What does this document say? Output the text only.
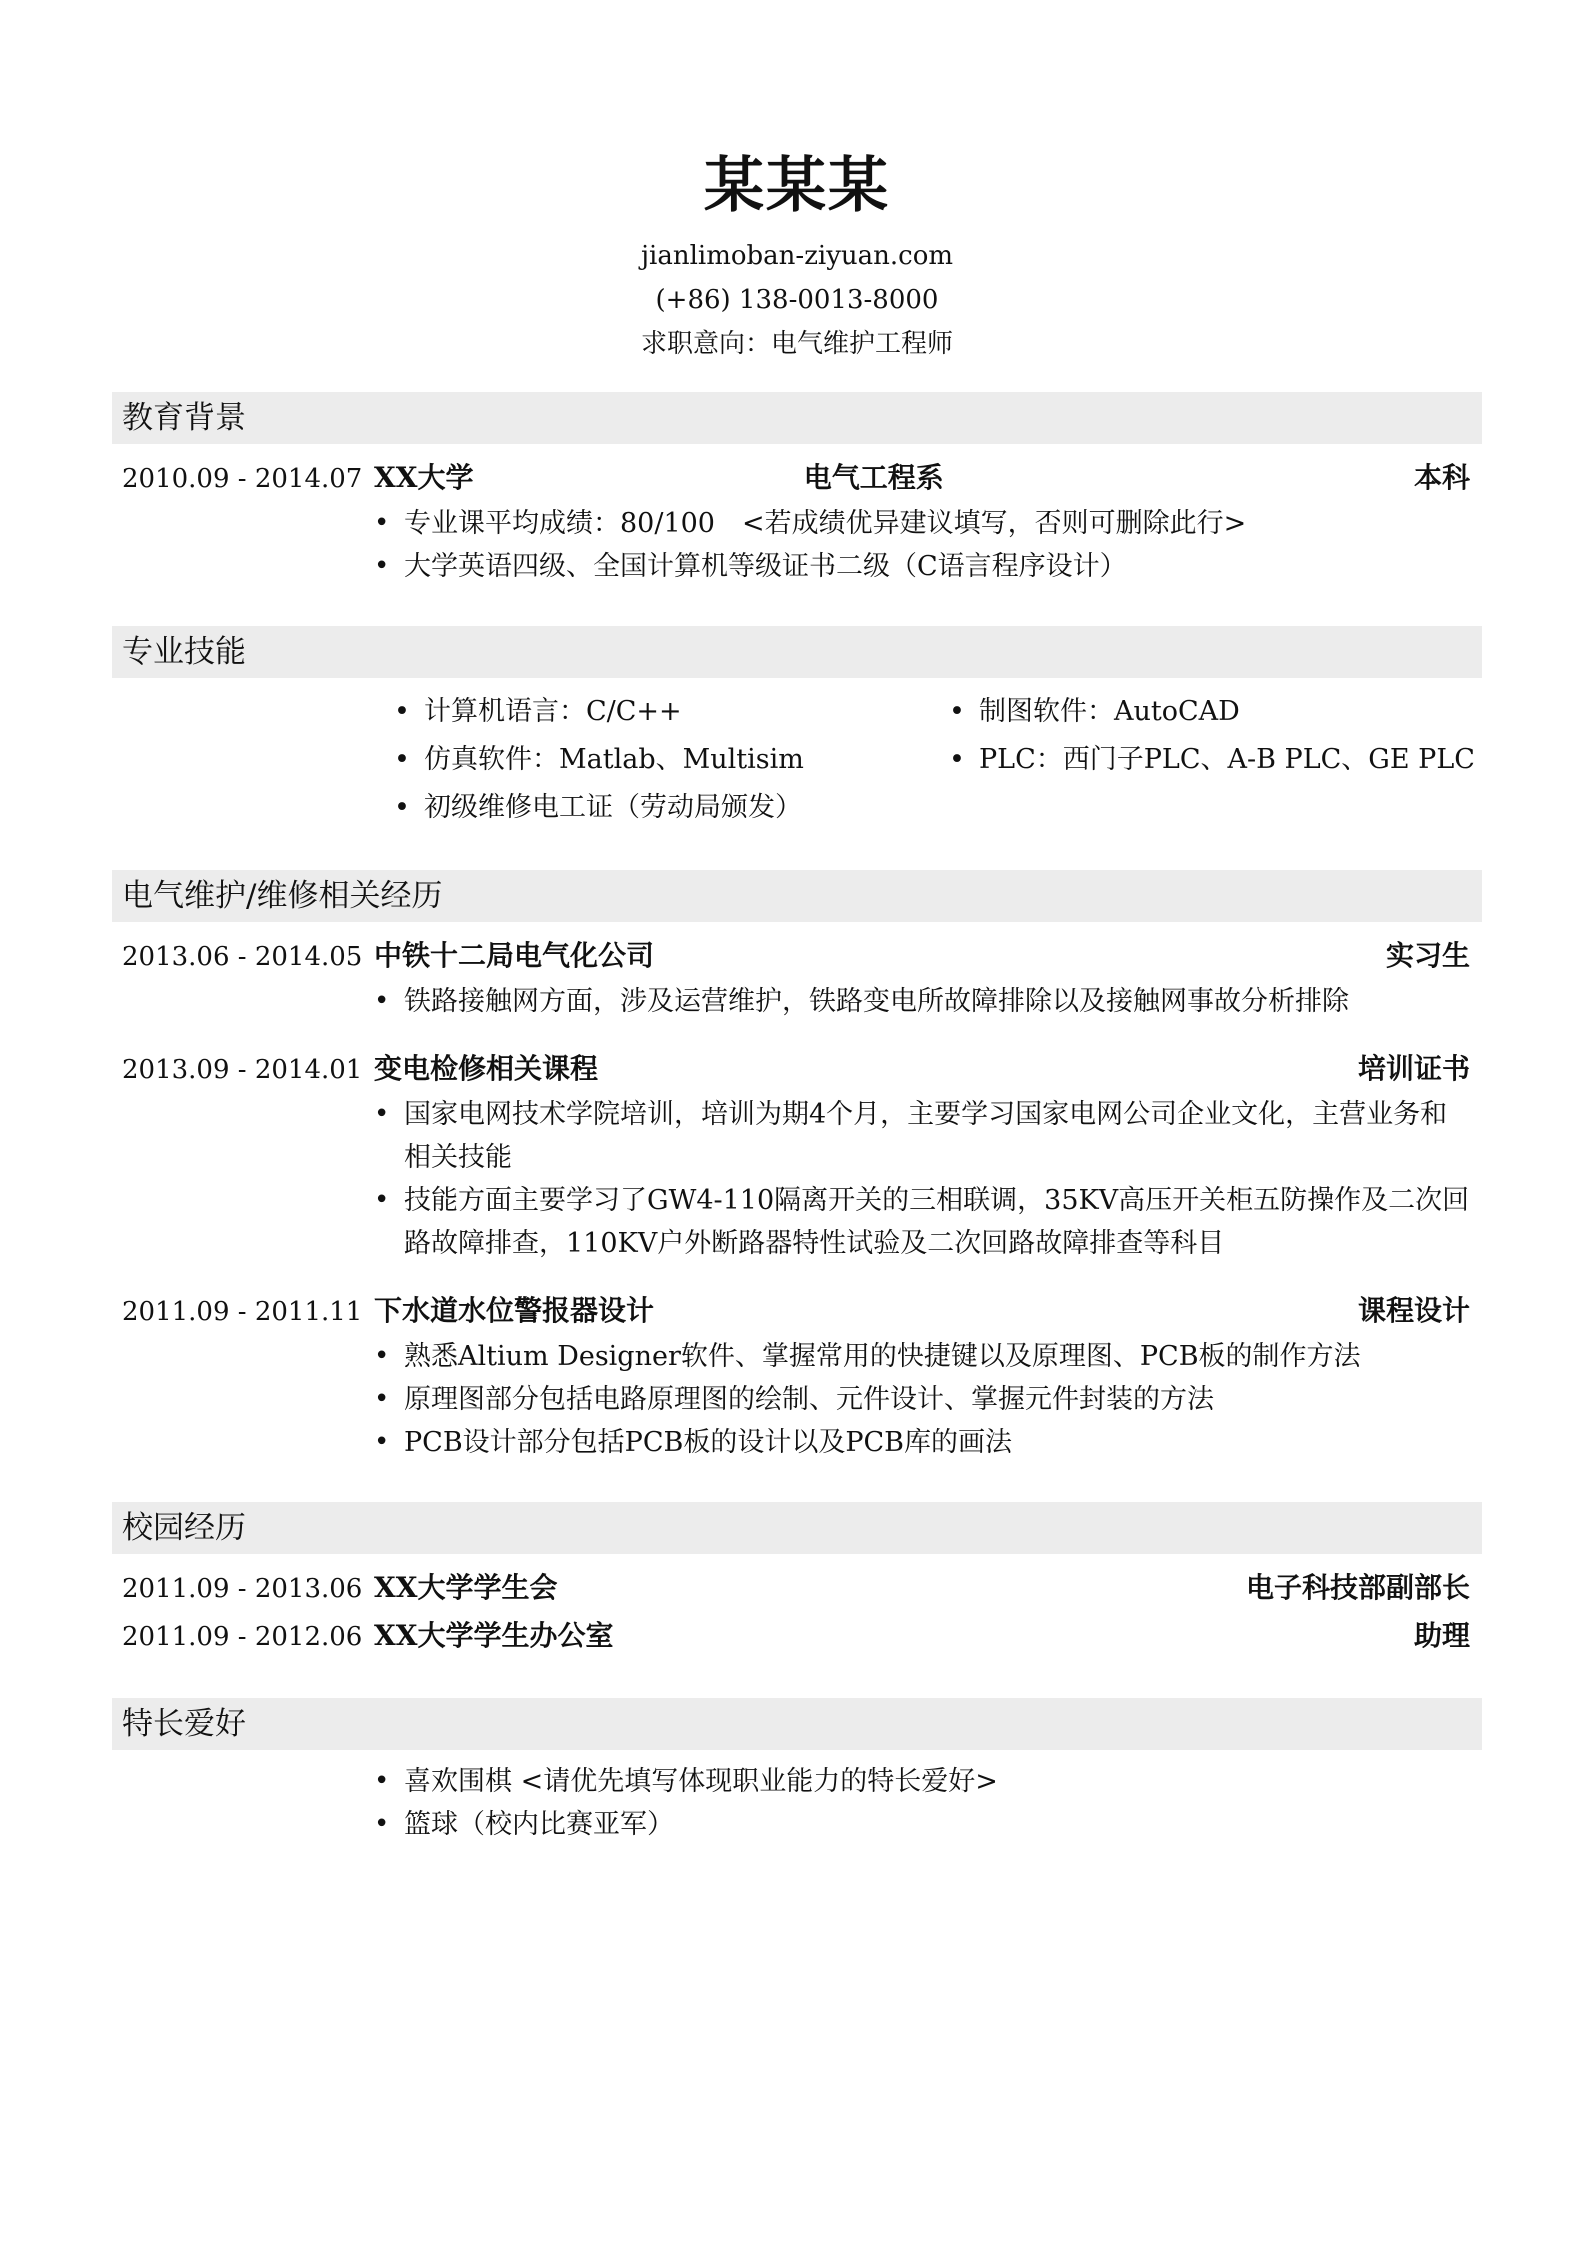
某某某
jianlimoban-ziyuan.com
(+86) 138-0013-8000
求职意向：电气维护工程师
教育背景
2010.09 - 2014.07 XX大学	电气工程系	本科
• 专业课平均成绩：80/100　<若成绩优异建议填写，否则可删除此行>
• 大学英语四级、全国计算机等级证书二级（C语言程序设计）
专业技能
• 计算机语言：C/C++	• 制图软件：AutoCAD
• 仿真软件：Matlab、Multisim	• PLC：西门子PLC、A-B PLC、GE PLC
• 初级维修电工证（劳动局颁发）
电气维护/维修相关经历
2013.06 - 2014.05 中铁十二局电气化公司	实习生
• 铁路接触网方面，涉及运营维护，铁路变电所故障排除以及接触网事故分析排除
2013.09 - 2014.01 变电检修相关课程	培训证书
• 国家电网技术学院培训，培训为期4个月，主要学习国家电网公司企业文化，主营业务和相关技能
• 技能方面主要学习了GW4-110隔离开关的三相联调，35KV高压开关柜五防操作及二次回路故障排查，110KV户外断路器特性试验及二次回路故障排查等科目
2011.09 - 2011.11 下水道水位警报器设计	课程设计
• 熟悉Altium Designer软件、掌握常用的快捷键以及原理图、PCB板的制作方法
• 原理图部分包括电路原理图的绘制、元件设计、掌握元件封装的方法
• PCB设计部分包括PCB板的设计以及PCB库的画法
校园经历
2011.09 - 2013.06 XX大学学生会	电子科技部副部长
2011.09 - 2012.06 XX大学学生办公室	助理
特长爱好
• 喜欢围棋 <请优先填写体现职业能力的特长爱好>
• 篮球（校内比赛亚军）
